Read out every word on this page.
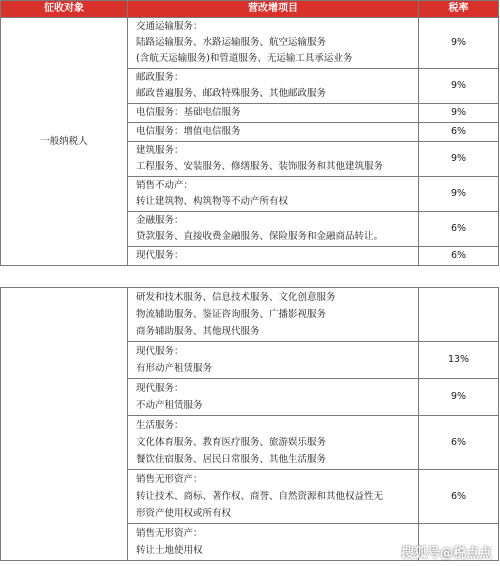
征收对象	营改增项目	税率
一般纳税人	交通运输服务：
陆路运输服务、水路运输服务、航空运输服务
(含航天运输服务)和管道服务、无运输工具承运业务	9%

	邮政服务：
邮政普遍服务、邮政特殊服务、其他邮政服务	9%

	电信服务：基础电信服务	9%

	电信服务：增值电信服务	6%

	建筑服务：
工程服务、安装服务、修缮服务、装饰服务和其他建筑服务	9%

	销售不动产：
转让建筑物、构筑物等不动产所有权	9%

	金融服务：
贷款服务、直接收费金融服务、保险服务和金融商品转让。	6%

	现代服务：	6%

	研发和技术服务、信息技术服务、文化创意服务
物流辅助服务、鉴证咨询服务、广播影视服务
商务辅助服务、其他现代服务	

	现代服务：
有形动产租赁服务	13%

	现代服务：
不动产租赁服务	9%

	生活服务：
文化体育服务、教育医疗服务、旅游娱乐服务
餐饮住宿服务、居民日常服务、其他生活服务	6%

	销售无形资产：
转让技术、商标、著作权、商誉、自然资源和其他权益性无
形资产使用权或所有权	6%

	销售无形资产：
转让土地使用权	
		搜狐号@税点点
